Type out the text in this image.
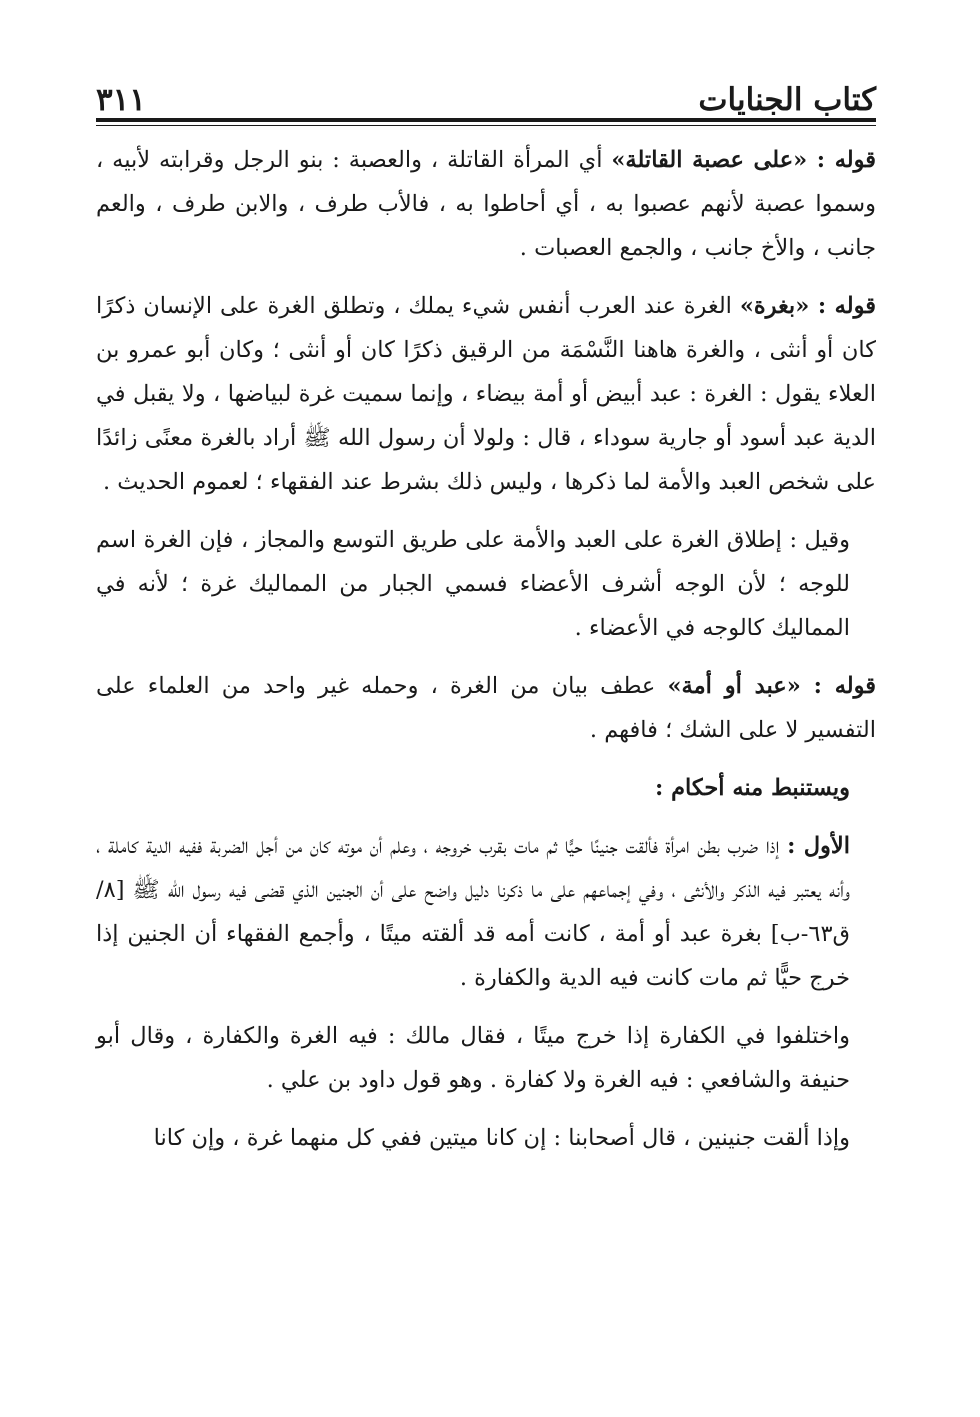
كتاب الجنايات
٣١١

قوله : «على عصبة القاتلة» أي المرأة القاتلة ، والعصبة : بنو الرجل وقرابته لأبيه ، وسموا عصبة لأنهم عصبوا به ، أي أحاطوا به ، فالأب طرف ، والابن طرف ، والعم جانب ، والأخ جانب ، والجمع العصبات .

قوله : «بغرة» الغرة عند العرب أنفس شيء يملك ، وتطلق الغرة على الإنسان ذكرًا كان أو أنثى ، والغرة هاهنا النَّسْمَة من الرقيق ذكرًا كان أو أنثى ؛ وكان أبو عمرو بن العلاء يقول : الغرة : عبد أبيض أو أمة بيضاء ، وإنما سميت غرة لبياضها ، ولا يقبل في الدية عبد أسود أو جارية سوداء ، قال : ولولا أن رسول الله ﷺ أراد بالغرة معنًى زائدًا على شخص العبد والأمة لما ذكرها ، وليس ذلك بشرط عند الفقهاء ؛ لعموم الحديث .

وقيل : إطلاق الغرة على العبد والأمة على طريق التوسع والمجاز ، فإن الغرة اسم للوجه ؛ لأن الوجه أشرف الأعضاء فسمي الجبار من المماليك غرة ؛ لأنه في المماليك كالوجه في الأعضاء .

قوله : «عبد أو أمة» عطف بيان من الغرة ، وحمله غير واحد من العلماء على التفسير لا على الشك ؛ فافهم .

ويستنبط منه أحكام :

الأول : إذا ضرب بطن امرأة فألقت جنينًا حيًّا ثم مات بقرب خروجه ، وعلم أن موته كان من أجل الضربة ففيه الدية كاملة ، وأنه يعتبر فيه الذكر والأنثى ، وفي إجماعهم على ما ذكرنا دليل واضح على أن الجنين الذي قضى فيه رسول الله ﷺ [٨/ ق٦٣-ب] بغرة عبد أو أمة ، كانت أمه قد ألقته ميتًا ، وأجمع الفقهاء أن الجنين إذا خرج حيًّا ثم مات كانت فيه الدية والكفارة .

واختلفوا في الكفارة إذا خرج ميتًا ، فقال مالك : فيه الغرة والكفارة ، وقال أبو حنيفة والشافعي : فيه الغرة ولا كفارة . وهو قول داود بن علي .

وإذا ألقت جنينين ، قال أصحابنا : إن كانا ميتين ففي كل منهما غرة ، وإن كانا
